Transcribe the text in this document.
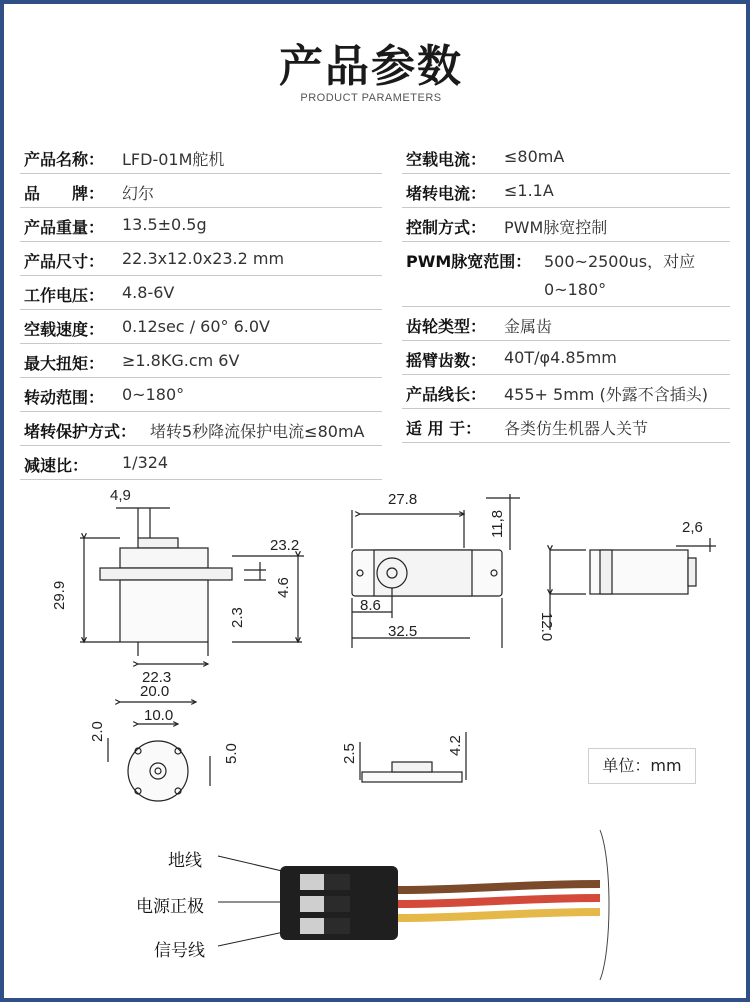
产品参数
PRODUCT PARAMETERS
产品名称： LFD-01M舵机
品　　牌： 幻尔
产品重量： 13.5±0.5g
产品尺寸： 22.3x12.0x23.2 mm
工作电压： 4.8-6V
空载速度： 0.12sec / 60° 6.0V
最大扭矩： ≥1.8KG.cm 6V
转动范围： 0~180°
堵转保护方式： 堵转5秒降流保护电流≤80mA
减速比： 1/324
空载电流： ≤80mA
堵转电流： ≤1.1A
控制方式： PWM脉宽控制
PWM脉宽范围： 500~2500us，对应
0~180°
齿轮类型： 金属齿
摇臂齿数： 40T/φ4.85mm
产品线长： 455+ 5mm (外露不含插头)
适 用 于： 各类仿生机器人关节
4,9
29.9
23.2
2.3
4.6
22.3
27.8
11,8
8.6
32.5
2,6
12.0
20.0
10.0
2.0
5.0	2.5	4.2
单位：mm
地线
电源正极
信号线
